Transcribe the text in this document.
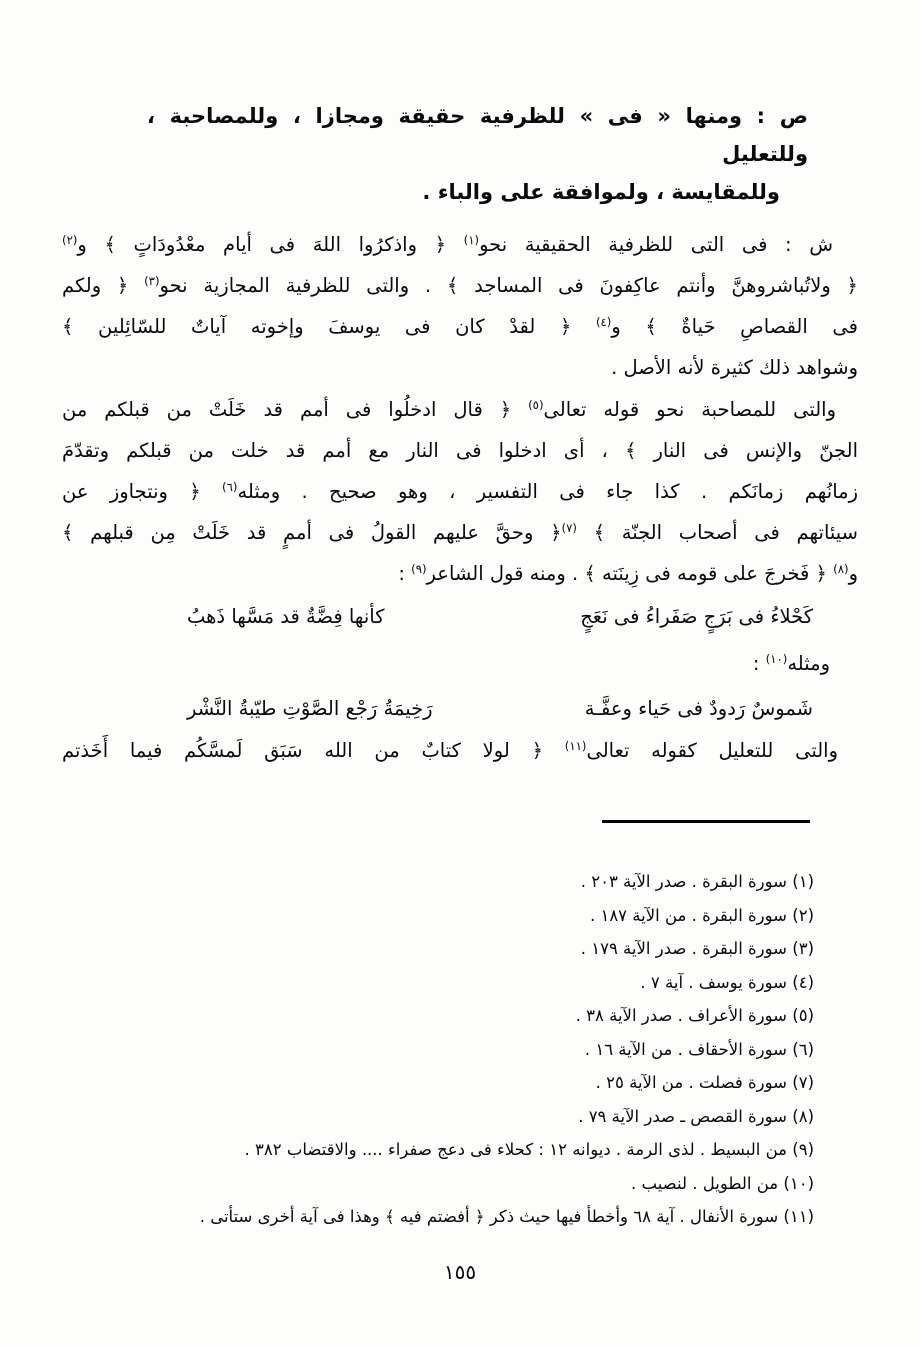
ص : ومنها « فى » للظرفية حقيقة ومجازا ، وللمصاحبة ، وللتعليل
وللمقايسة ، ولموافقة على والباء .
ش : فى التى للظرفية الحقيقية نحو$^{(١)}$ ﴿ واذكرُوا اللهَ فى أيام معْدُودَاتٍ ﴾ و$^{(٢)}$
﴿ ولاتُباشروهنَّ وأنتم عاكِفونَ فى المساجد ﴾ . والتى للظرفية المجازية نحو$^{(٣)}$ ﴿ ولكم
فى القصاصِ حَياةٌ ﴾ و$^{(٤)}$ ﴿ لقدْ كان فى يوسفَ وإخوته آياتٌ للسّائِلين ﴾
وشواهد ذلك كثيرة لأنه الأصل .
والتى للمصاحبة نحو قوله تعالى$^{(٥)}$ ﴿ قال ادخلُوا فى أمم قد خَلَتْ من قبلكم من
الجنّ والإنس فى النار ﴾ ، أى ادخلوا فى النار مع أمم قد خلت من قبلكم وتقدّمَ
زمانُهم زمانَكم . كذا جاء فى التفسير ، وهو صحيح . ومثله$^{(٦)}$ ﴿ ونتجاوز عن
سيئاتهم فى أصحاب الجنّة ﴾ $^{(٧)}$﴿ وحقَّ عليهم القولُ فى أممٍ قد خَلَتْ مِن قبلهم ﴾
و$^{(٨)}$ ﴿ فَخرجَ على قومه فى زِينَته ﴾ . ومنه قول الشاعر$^{(٩)}$ :
كَحْلاءُ فى بَرَجٍ صَفَراءُ فى نَعَجٍ
كأنها فِضَّةٌ قد مَسَّها ذَهبُ
ومثله$^{(١٠)}$ :
شَموسٌ رَدودٌ فى حَياء وعفَّـة
رَخِيمَةُ رَجْع الصَّوْتِ طيّبةُ النَّشْر
والتى للتعليل كقوله تعالى$^{(١١)}$ ﴿ لولا كتابٌ من الله سَبَق لَمسَّكُم فيما أَخَذتم
(١) سورة البقرة . صدر الآية ٢٠٣ .
(٢) سورة البقرة . من الآية ١٨٧ .
(٣) سورة البقرة . صدر الآية ١٧٩ .
(٤) سورة يوسف . آية ٧ .
(٥) سورة الأعراف . صدر الآية ٣٨ .
(٦) سورة الأحقاف . من الآية ١٦ .
(٧) سورة فصلت . من الآية ٢٥ .
(٨) سورة القصص ـ صدر الآية ٧٩ .
(٩) من البسيط . لذى الرمة . ديوانه ١٢ : كحلاء فى دعج صفراء .... والاقتضاب ٣٨٢ .
(١٠) من الطويل . لنصيب .
(١١) سورة الأنفال . آية ٦٨ وأخطأ فيها حيث ذكر ﴿ أفضتم فيه ﴾ وهذا فى آية أخرى ستأتى .
١٥٥
